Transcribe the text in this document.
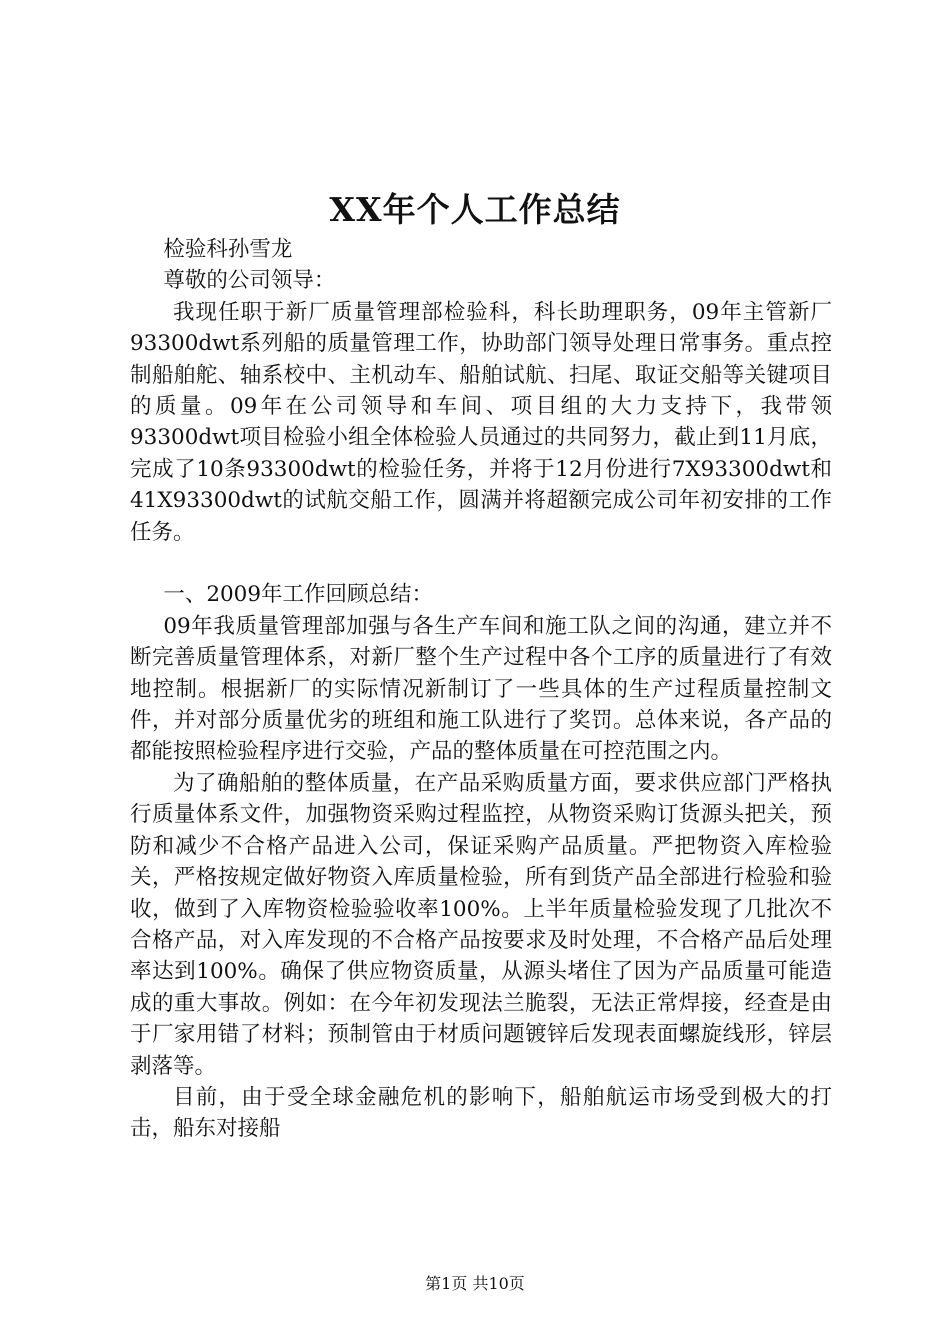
XX年个人工作总结

检验科孙雪龙

尊敬的公司领导：

我现任职于新厂质量管理部检验科，科长助理职务，09年主管新厂93300dwt系列船的质量管理工作，协助部门领导处理日常事务。重点控制船舶舵、轴系校中、主机动车、船舶试航、扫尾、取证交船等关键项目的质量。09年在公司领导和车间、项目组的大力支持下，我带领93300dwt项目检验小组全体检验人员通过的共同努力，截止到11月底，完成了10条93300dwt的检验任务，并将于12月份进行7X93300dwt和41X93300dwt的试航交船工作，圆满并将超额完成公司年初安排的工作任务。

一、2009年工作回顾总结：

09年我质量管理部加强与各生产车间和施工队之间的沟通，建立并不断完善质量管理体系，对新厂整个生产过程中各个工序的质量进行了有效地控制。根据新厂的实际情况新制订了一些具体的生产过程质量控制文件，并对部分质量优劣的班组和施工队进行了奖罚。总体来说，各产品的都能按照检验程序进行交验，产品的整体质量在可控范围之内。

为了确船舶的整体质量，在产品采购质量方面，要求供应部门严格执行质量体系文件，加强物资采购过程监控，从物资采购订货源头把关，预防和减少不合格产品进入公司，保证采购产品质量。严把物资入库检验关，严格按规定做好物资入库质量检验，所有到货产品全部进行检验和验收，做到了入库物资检验验收率100%。上半年质量检验发现了几批次不合格产品，对入库发现的不合格产品按要求及时处理，不合格产品后处理率达到100%。确保了供应物资质量，从源头堵住了因为产品质量可能造成的重大事故。例如：在今年初发现法兰脆裂，无法正常焊接，经查是由于厂家用错了材料；预制管由于材质问题镀锌后发现表面螺旋线形，锌层剥落等。

目前，由于受全球金融危机的影响下，船舶航运市场受到极大的打击，船东对接船

第1页 共10页
